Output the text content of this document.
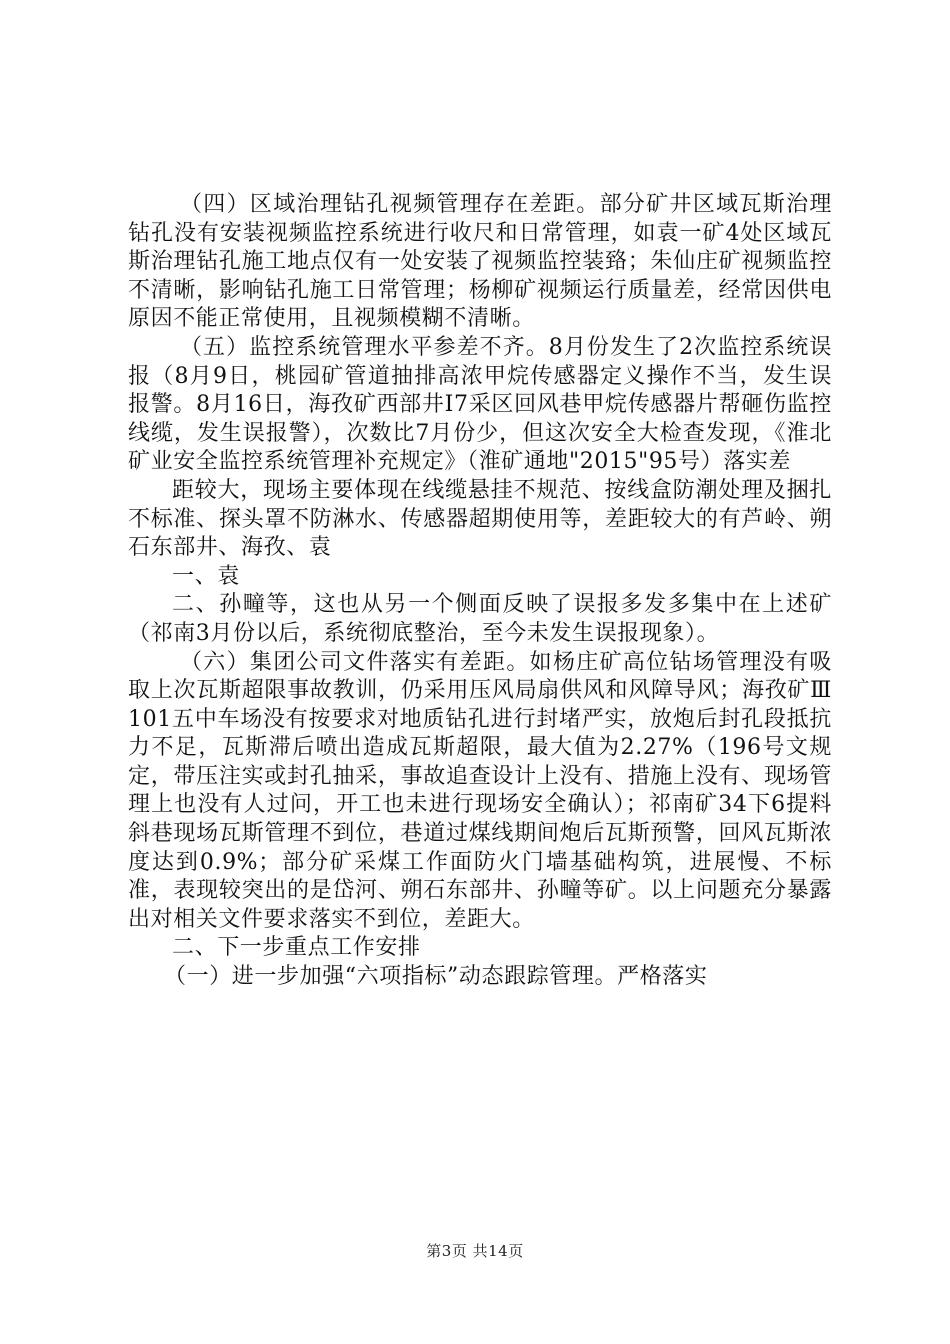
（四）区域治理钻孔视频管理存在差距。部分矿井区域瓦斯治理钻孔没有安装视频监控系统进行收尺和日常管理，如袁一矿4处区域瓦斯治理钻孔施工地点仅有一处安装了视频监控装臵；朱仙庄矿视频监控不清晰，影响钻孔施工日常管理；杨柳矿视频运行质量差，经常因供电原因不能正常使用，且视频模糊不清晰。

（五）监控系统管理水平参差不齐。8月份发生了2次监控系统误报（8月9日，桃园矿管道抽排高浓甲烷传感器定义操作不当，发生误报警。8月16日，海孜矿西部井Ⅰ7采区回风巷甲烷传感器片帮砸伤监控线缆，发生误报警），次数比7月份少，但这次安全大检查发现，《淮北矿业安全监控系统管理补充规定》（淮矿通地"2015"95号）落实差

距较大，现场主要体现在线缆悬挂不规范、按线盒防潮处理及捆扎不标准、探头罩不防淋水、传感器超期使用等，差距较大的有芦岭、朔石东部井、海孜、袁

一、袁

二、孙疃等，这也从另一个侧面反映了误报多发多集中在上述矿（祁南3月份以后，系统彻底整治，至今未发生误报现象）。

（六）集团公司文件落实有差距。如杨庄矿高位钻场管理没有吸取上次瓦斯超限事故教训，仍采用压风局扇供风和风障导风；海孜矿Ⅲ101五中车场没有按要求对地质钻孔进行封堵严实，放炮后封孔段抵抗力不足，瓦斯滞后喷出造成瓦斯超限，最大值为2.27%（196号文规定，带压注实或封孔抽采，事故追查设计上没有、措施上没有、现场管理上也没有人过问，开工也未进行现场安全确认）；祁南矿34下6提料斜巷现场瓦斯管理不到位，巷道过煤线期间炮后瓦斯预警，回风瓦斯浓度达到0.9%；部分矿采煤工作面防火门墙基础构筑，进展慢、不标准，表现较突出的是岱河、朔石东部井、孙疃等矿。以上问题充分暴露出对相关文件要求落实不到位，差距大。

二、下一步重点工作安排

（一）进一步加强“六项指标”动态跟踪管理。严格落实

第3页 共14页
